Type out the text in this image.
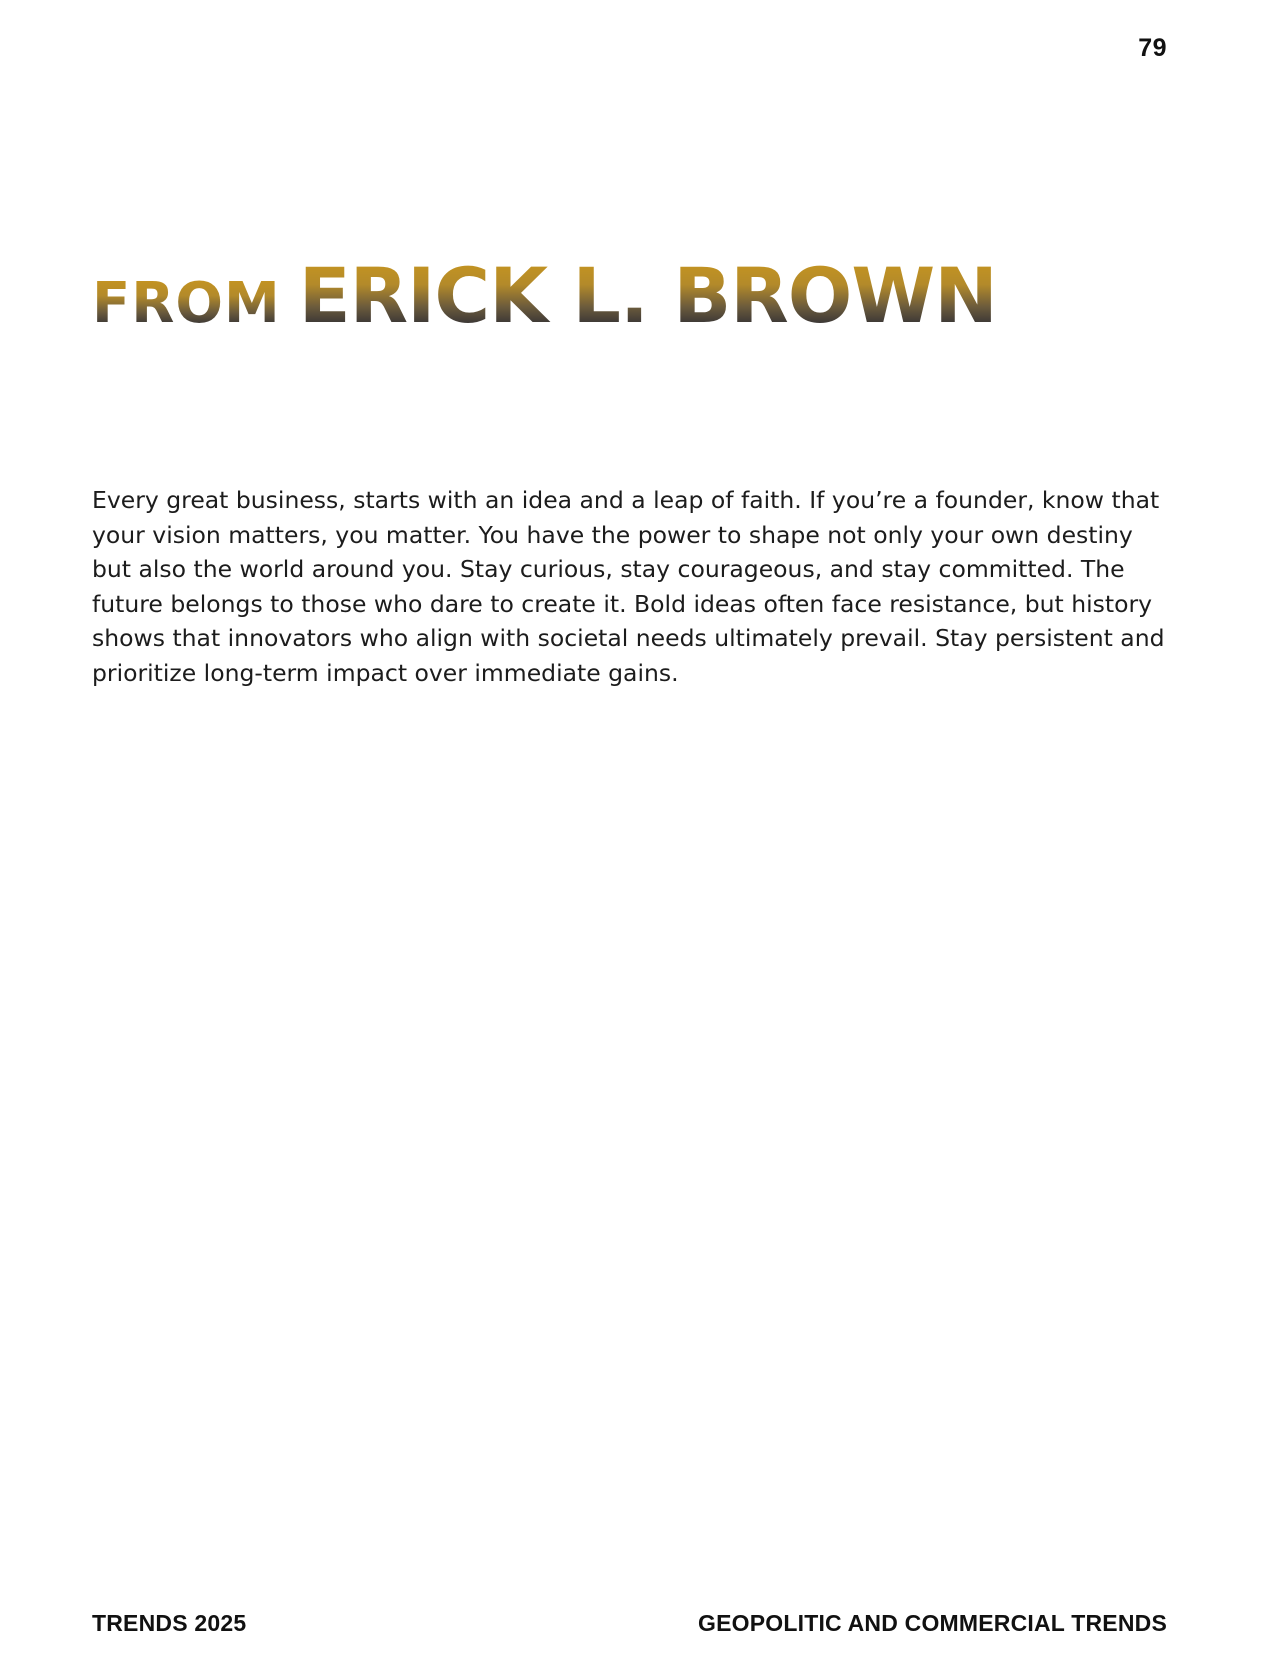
79
FROM ERICK L. BROWN

Every great business, starts with an idea and a leap of faith. If you’re a founder, know that your vision matters, you matter. You have the power to shape not only your own destiny but also the world around you. Stay curious, stay courageous, and stay committed. The future belongs to those who dare to create it. Bold ideas often face resistance, but history shows that innovators who align with societal needs ultimately prevail. Stay persistent and prioritize long-term impact over immediate gains.

TRENDS 2025	GEOPOLITIC AND COMMERCIAL TRENDS
